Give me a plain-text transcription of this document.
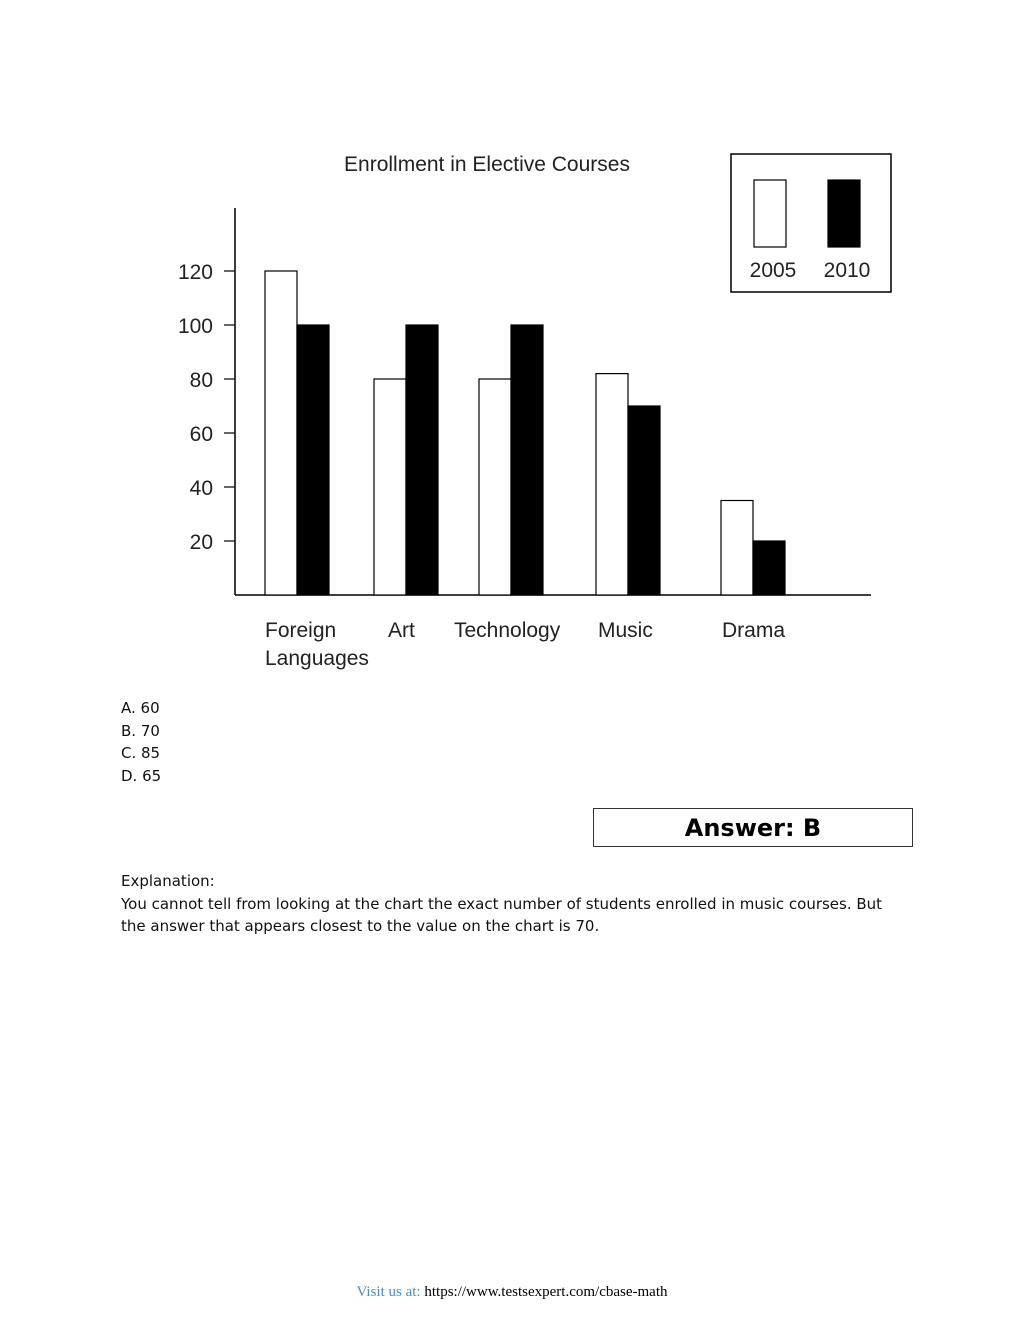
Enrollment in Elective Courses
20
40
60
80
100
120
Foreign
Languages
Art Technology Music	Drama
2005 2010
A. 60
B. 70
C. 85
D. 65
Answer: B
Explanation:
You cannot tell from looking at the chart the exact number of students enrolled in music courses. But the answer that appears closest to the value on the chart is 70.
Visit us at: https://www.testsexpert.com/cbase-math
